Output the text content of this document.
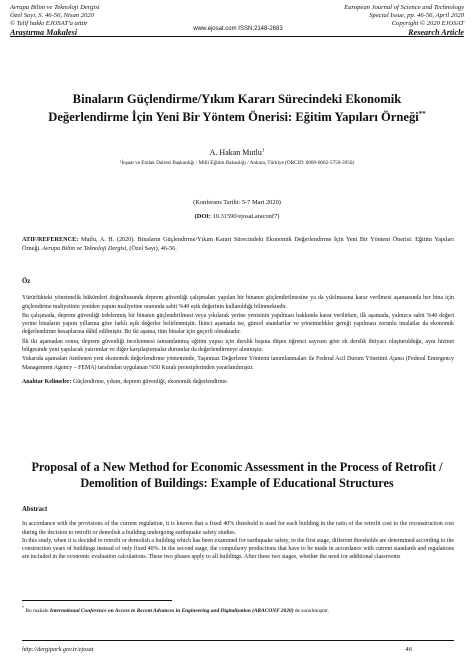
Avrupa Bilim ve Teknoloji Dergisi
Özel Sayı, S. 46-56, Nisan 2020
© Telif hakkı EJOSAT'a aittir
Araştırma Makalesi	www.ejosat.com ISSN:2148-2683
European Journal of Science and Technology
Special Issue, pp. 46-56, April 2020
Copyright © 2020 EJOSAT
Research Article
Binaların Güçlendirme/Yıkım Kararı Sürecindeki Ekonomik Değerlendirme İçin Yeni Bir Yöntem Önerisi: Eğitim Yapıları Örneği**
A. Hakan Mutlu$^1$
¹İnşaat ve Emlak Dairesi Başkanlığı / Milli Eğitim Bakanlığı / Ankara, Türkiye (ORCID: 0000-0002-5750-3950)
(Konferans Tarihi: 5-7 Mart 2020)
(DOI: 10.31590/ejosat.araconf7)
ATIF/REFERENCE: Mutlu, A. H. (2020). Binaların Güçlendirme/Yıkım Kararı Sürecindeki Ekonomik Değerlendirme İçin Yeni Bir Yöntem Önerisi: Eğitim Yapıları Örneği. Avrupa Bilim ve Teknoloji Dergisi, (Özel Sayı), 46-56.
Öz

Yürürlükteki yönetmelik hükümleri doğrultusunda deprem güvenliği çalışmaları yapılan bir binanın güçlendirilmesine ya da yıkılmasına karar verilmesi aşamasında her bina için güçlendirme maliyetinin yeniden yapım maliyetine oranında sabit %40 eşik değerinin kullanıldığı bilinmektedir.

Bu çalışmada, deprem güvenliği irdelenmiş bir binanın güçlendirilmesi veya yıkılarak yerine yenisinin yapılması hakkında karar verilirken, ilk aşamada, yalnızca sabit %40 değeri yerine binaların yapım yıllarına göre farklı eşik değerler belirlenmiştir. İkinci aşamada ise, güncel standartlar ve yönetmelikler gereği yapılması zorunlu imalatlar da ekonomik değerlendirme hesaplarına dâhil edilmiştir. Bu iki aşama, tüm binalar için geçerli olmaktadır.

İlk iki aşamadan sonra, deprem güvenliği incelenmesi tamamlanmış eğitim yapısı için derslik başına düşen öğrenci sayısını göre ek derslik ihtiyacı oluşturulduğu, aynı hizmet bölgesinde yeni yapılacak yatırımlar ve diğer karşılaştırmalar durumlar da değerlendirmeye alınmıştır.

Yukarıda aşamaları özetlenen yeni ekonomik değerlendirme yönteminde, Taşınmaz Değerleme Yöntemi tanımlanmaları ile Federal Acil Durum Yönetimi Ajansı (Federal Emergency Management Agency – FEMA) tarafından uygulanan %50 Kuralı prensiplerinden yararlanılmıştır.

Anahtar Kelimeler: Güçlendirme, yıkım, deprem güvenliği, ekonomik değerlendirme.
Proposal of a New Method for Economic Assessment in the Process of Retrofit / Demolition of Buildings: Example of Educational Structures
Abstract

In accordance with the provisions of the current regulation, it is known that a fixed 40% threshold is used for each building in the ratio of the retrofit cost to the reconstruction cost during the decision to retrofit or demolish a building undergoing earthquake safety studies.

In this study, when it is decided to retrofit or demolish a building which has been examined for earthquake safety, in the first stage, different thresholds are determined according to the construction years of buildings instead of only fixed 40%. In the second stage, the compulsory productions that have to be made in accordance with current standards and regulations are included in the economic evaluation calculations. These two phases apply to all buildings. After these two stages, whether the need for additional classrooms

* Bu makale International Conference on Access to Recent Advances in Engineering and Digitalization (ARACONF 2020) de sunulmuştur.
http://dergipark.gov.tr/ejosat	46
